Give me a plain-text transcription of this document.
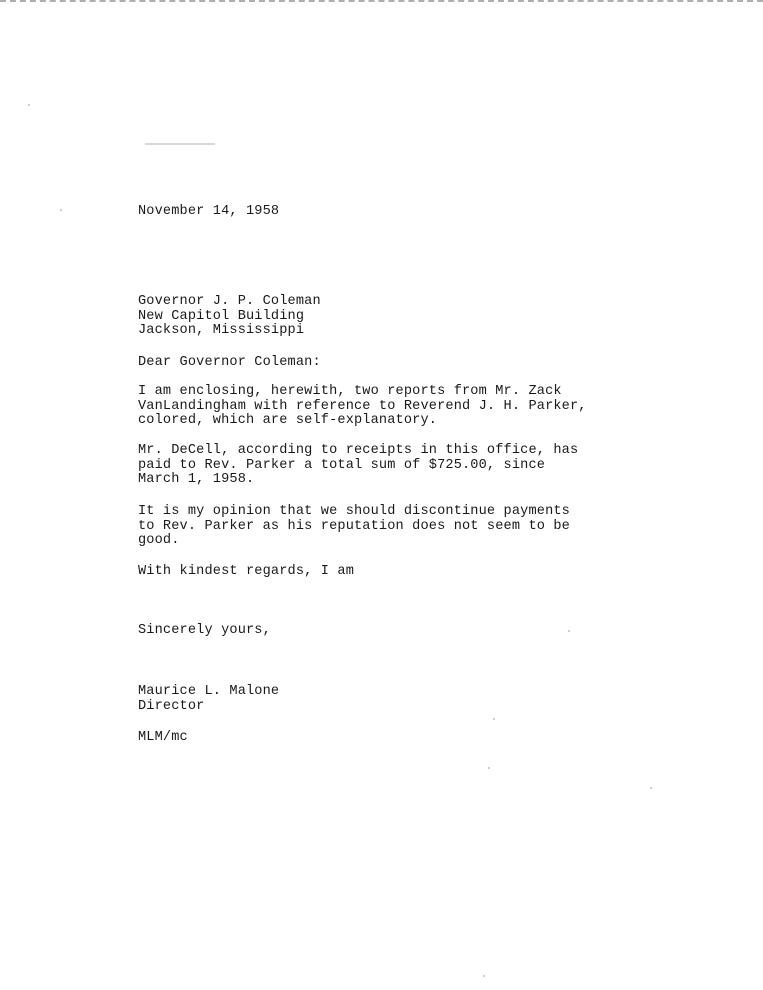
November 14, 1958
Governor J. P. Coleman
New Capitol Building
Jackson, Mississippi
Dear Governor Coleman:
I am enclosing, herewith, two reports from Mr. Zack
VanLandingham with reference to Reverend J. H. Parker,
colored, which are self-explanatory.
Mr. DeCell, according to receipts in this office, has
paid to Rev. Parker a total sum of $725.00, since
March 1, 1958.
It is my opinion that we should discontinue payments
to Rev. Parker as his reputation does not seem to be
good.
With kindest regards, I am
Sincerely yours,
Maurice L. Malone
Director
MLM/mc
